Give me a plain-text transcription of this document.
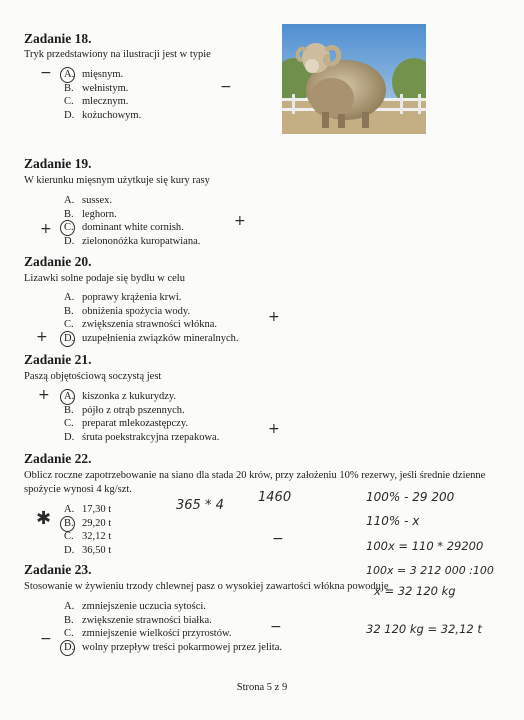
Zadanie 18.
Tryk przedstawiony na ilustracji jest w typie
A. mięsnym.
B. wełnistym.
C. mlecznym.
D. kożuchowym.
−
−
Zadanie 19.
W kierunku mięsnym użytkuje się kury rasy
A. sussex.
B. leghorn.
C. dominant white cornish.
D. zielononóżka kuropatwiana.
+	+
Zadanie 20.
Lizawki solne podaje się bydłu w celu
A. poprawy krążenia krwi.
B. obniżenia spożycia wody.
C. zwiększenia strawności włókna.
D. uzupełnienia związków mineralnych.
+
+
Zadanie 21.
Paszą objętościową soczystą jest
A. kiszonka z kukurydzy.
B. pójło z otrąb pszennych.
C. preparat mlekozastępczy.
D. śruta poekstrakcyjna rzepakowa.
+
+
Zadanie 22.
Oblicz roczne zapotrzebowanie na siano dla stada 20 krów, przy założeniu 10% rezerwy, jeśli średnie dzienne
spożycie wynosi 4 kg/szt.
A. 17,30 t
B. 29,20 t
C. 32,12 t
D. 36,50 t
✱
−
365 * 4
1460	100% - 29 200
110% - x
100x = 110 * 29200
100x = 3 212 000 :100
x = 32 120 kg
32 120 kg = 32,12 t
Zadanie 23.
Stosowanie w żywieniu trzody chlewnej pasz o wysokiej zawartości włókna powoduje
A. zmniejszenie uczucia sytości.
B. zwiększenie strawności białka.
C. zmniejszenie wielkości przyrostów.
D. wolny przepływ treści pokarmowej przez jelita.
−
−
Strona 5 z 9
